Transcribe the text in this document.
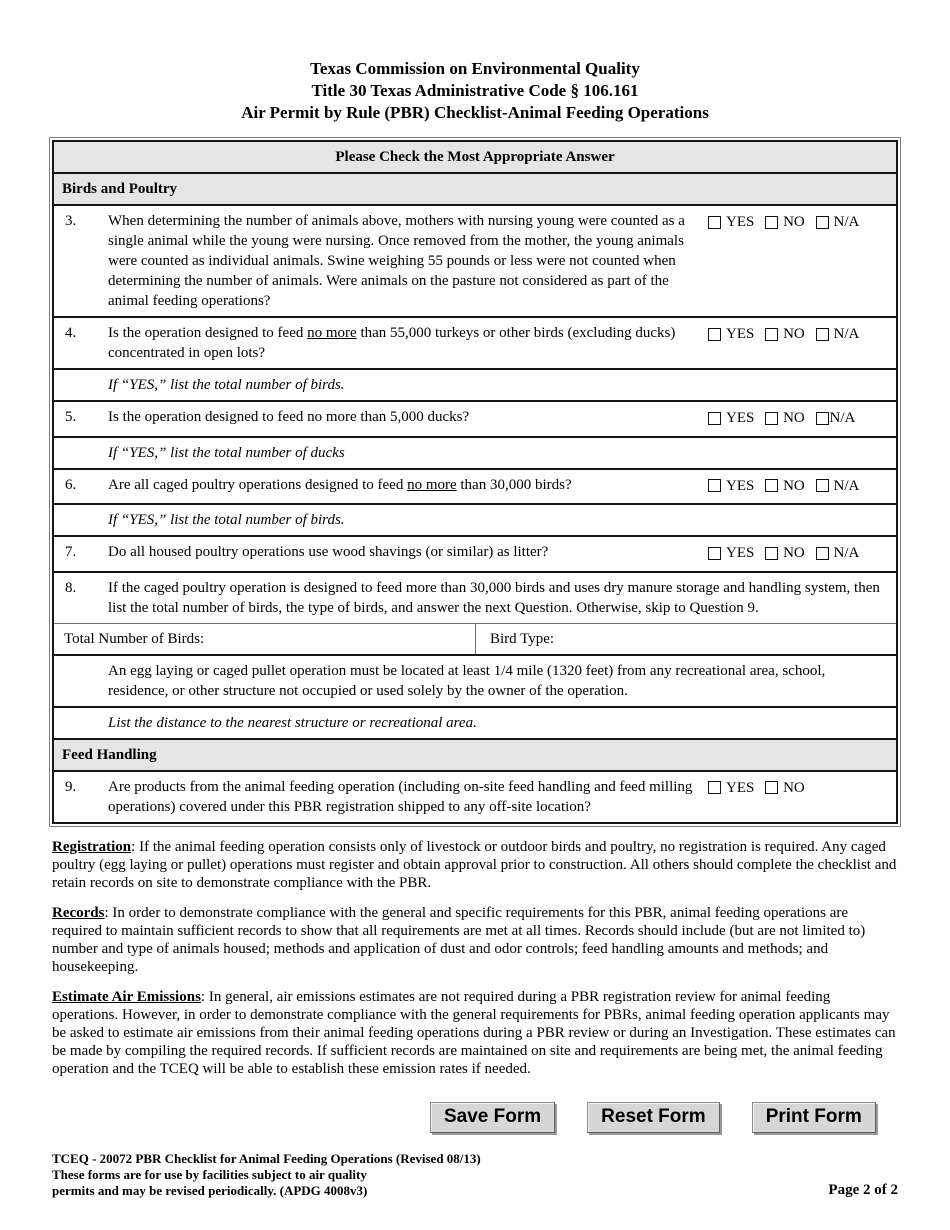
Texas Commission on Environmental Quality
Title 30 Texas Administrative Code § 106.161
Air Permit by Rule (PBR) Checklist-Animal Feeding Operations
Please Check the Most Appropriate Answer
Birds and Poultry
3.	When determining the number of animals above, mothers with nursing young were counted as a single animal while the young were nursing. Once removed from the mother, the young animals were counted as individual animals. Swine weighing 55 pounds or less were not counted when determining the number of animals. Were animals on the pasture not considered as part of the animal feeding operations?
YES
NO
N/A
4.	Is the operation designed to feed no more than 55,000 turkeys or other birds (excluding ducks) concentrated in open lots?
YES
NO
N/A
If “YES,” list the total number of birds.
5.	Is the operation designed to feed no more than 5,000 ducks?	YES
NO
N/A
If “YES,” list the total number of ducks
6.	Are all caged poultry operations designed to feed no more than 30,000 birds?	YES
NO
N/A
If “YES,” list the total number of birds.
7.	Do all housed poultry operations use wood shavings (or similar) as litter?	YES
NO
N/A
8.	If the caged poultry operation is designed to feed more than 30,000 birds and uses dry manure storage and handling system, then list the total number of birds, the type of birds, and answer the next Question. Otherwise, skip to Question 9.
Total Number of Birds:	Bird Type:
An egg laying or caged pullet operation must be located at least 1/4 mile (1320 feet) from any recreational area, school, residence, or other structure not occupied or used solely by the owner of the operation.
List the distance to the nearest structure or recreational area.
Feed Handling
9.	Are products from the animal feeding operation (including on-site feed handling and feed milling operations) covered under this PBR registration shipped to any off-site location?
YES
NO

Registration: If the animal feeding operation consists only of livestock or outdoor birds and poultry, no registration is required. Any caged poultry (egg laying or pullet) operations must register and obtain approval prior to construction. All others should complete the checklist and retain records on site to demonstrate compliance with the PBR.

Records: In order to demonstrate compliance with the general and specific requirements for this PBR, animal feeding operations are required to maintain sufficient records to show that all requirements are met at all times. Records should include (but are not limited to) number and type of animals housed; methods and application of dust and odor controls; feed handling amounts and methods; and housekeeping.

Estimate Air Emissions: In general, air emissions estimates are not required during a PBR registration review for animal feeding operations. However, in order to demonstrate compliance with the general requirements for PBRs, animal feeding operation applicants may be asked to estimate air emissions from their animal feeding operations during a PBR review or during an Investigation. These estimates can be made by compiling the required records. If sufficient records are maintained on site and requirements are being met, the animal feeding operation and the TCEQ will be able to establish these emission rates if needed.

Save Form	Reset Form	Print Form
TCEQ - 20072 PBR Checklist for Animal Feeding Operations (Revised 08/13)
These forms are for use by facilities subject to air quality
permits and may be revised periodically. (APDG 4008v3)	Page 2 of 2
